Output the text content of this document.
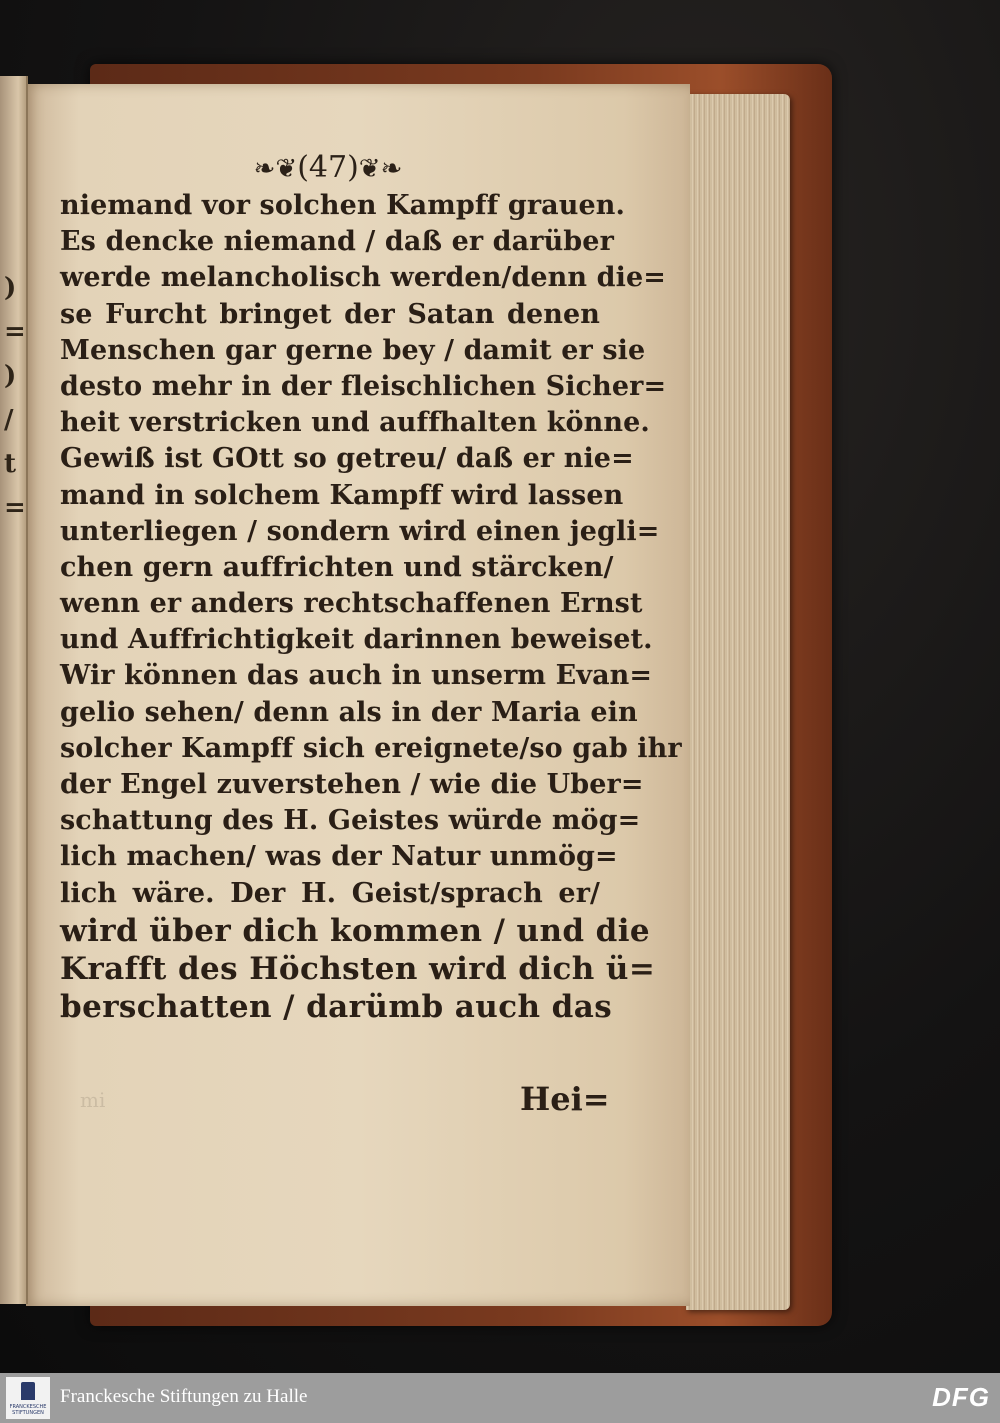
)
=
)
/
t
=
❧❦(47)❦❧
niemand vor solchen Kampff grauen.
Es dencke niemand / daß er darüber
werde melancholisch werden/denn die=
se Furcht bringet der Satan denen
Menschen gar gerne bey / damit er sie
desto mehr in der fleischlichen Sicher=
heit verstricken und auffhalten könne.
Gewiß ist GOtt so getreu/ daß er nie=
mand in solchem Kampff wird lassen
unterliegen / sondern wird einen jegli=
chen gern auffrichten und stärcken/
wenn er anders rechtschaffenen Ernst
und Auffrichtigkeit darinnen beweiset.
Wir können das auch in unserm Evan=
gelio sehen/ denn als in der Maria ein
solcher Kampff sich ereignete/so gab ihr
der Engel zuverstehen / wie die Uber=
schattung des H. Geistes würde mög=
lich machen/ was der Natur unmög=
lich wäre. Der H. Geist/sprach er/
wird über dich kommen / und die
Krafft des Höchsten wird dich ü=
berschatten / darümb auch das
mi	Hei=
FRANCKESCHE STIFTUNGEN
Franckesche Stiftungen zu Halle	DFG
